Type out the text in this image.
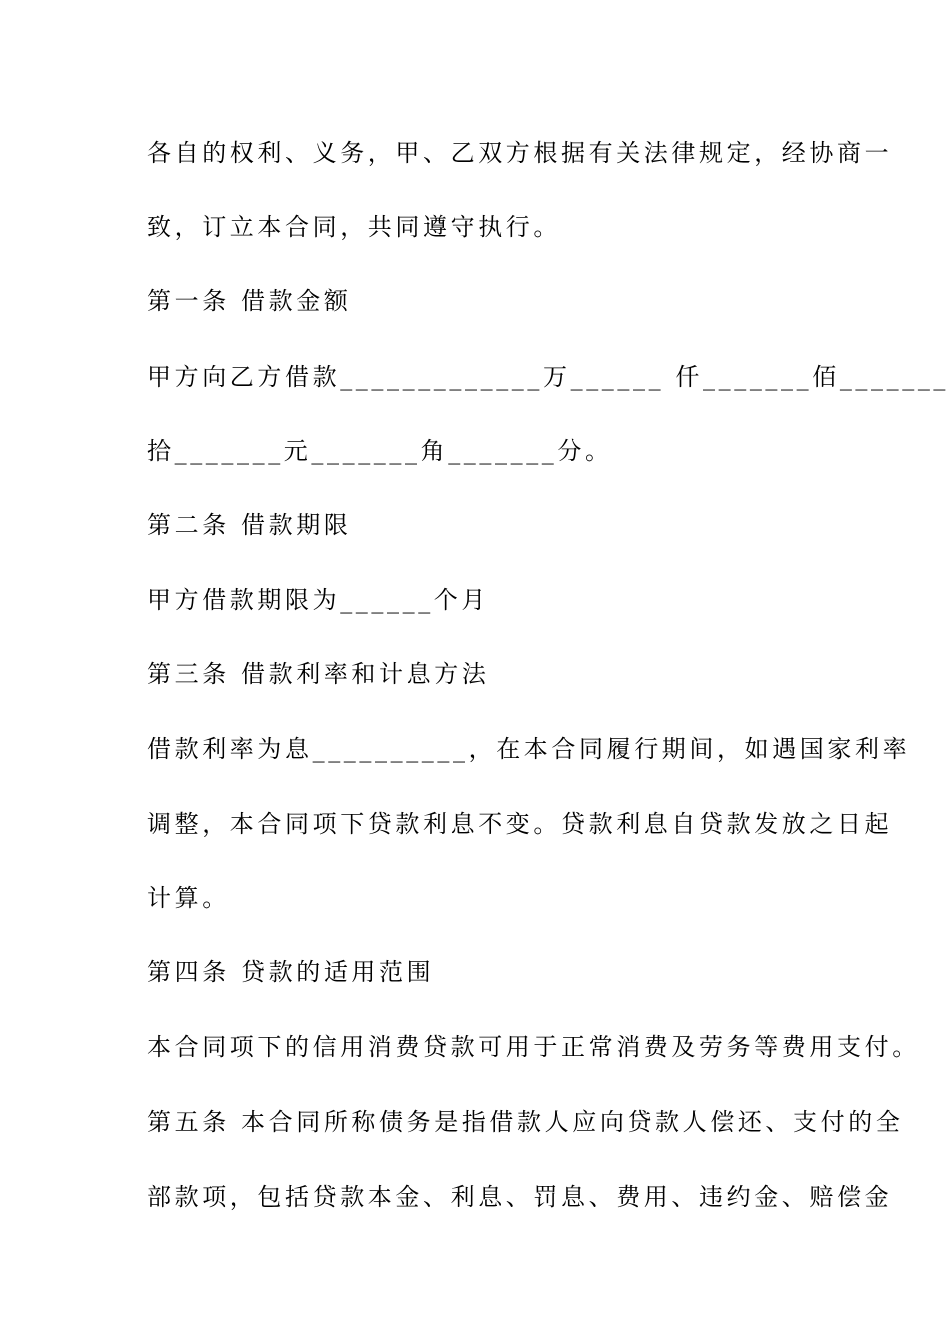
各自的权利、义务，甲、乙双方根据有关法律规定，经协商一
致，订立本合同，共同遵守执行。
第一条 借款金额
甲方向乙方借款_____________万______ 仟_______佰_______
拾_______元_______角_______分。
第二条 借款期限
甲方借款期限为______个月
第三条 借款利率和计息方法
借款利率为息__________，在本合同履行期间，如遇国家利率
调整，本合同项下贷款利息不变。贷款利息自贷款发放之日起
计算。
第四条 贷款的适用范围
本合同项下的信用消费贷款可用于正常消费及劳务等费用支付。
第五条 本合同所称债务是指借款人应向贷款人偿还、支付的全
部款项，包括贷款本金、利息、罚息、费用、违约金、赔偿金
